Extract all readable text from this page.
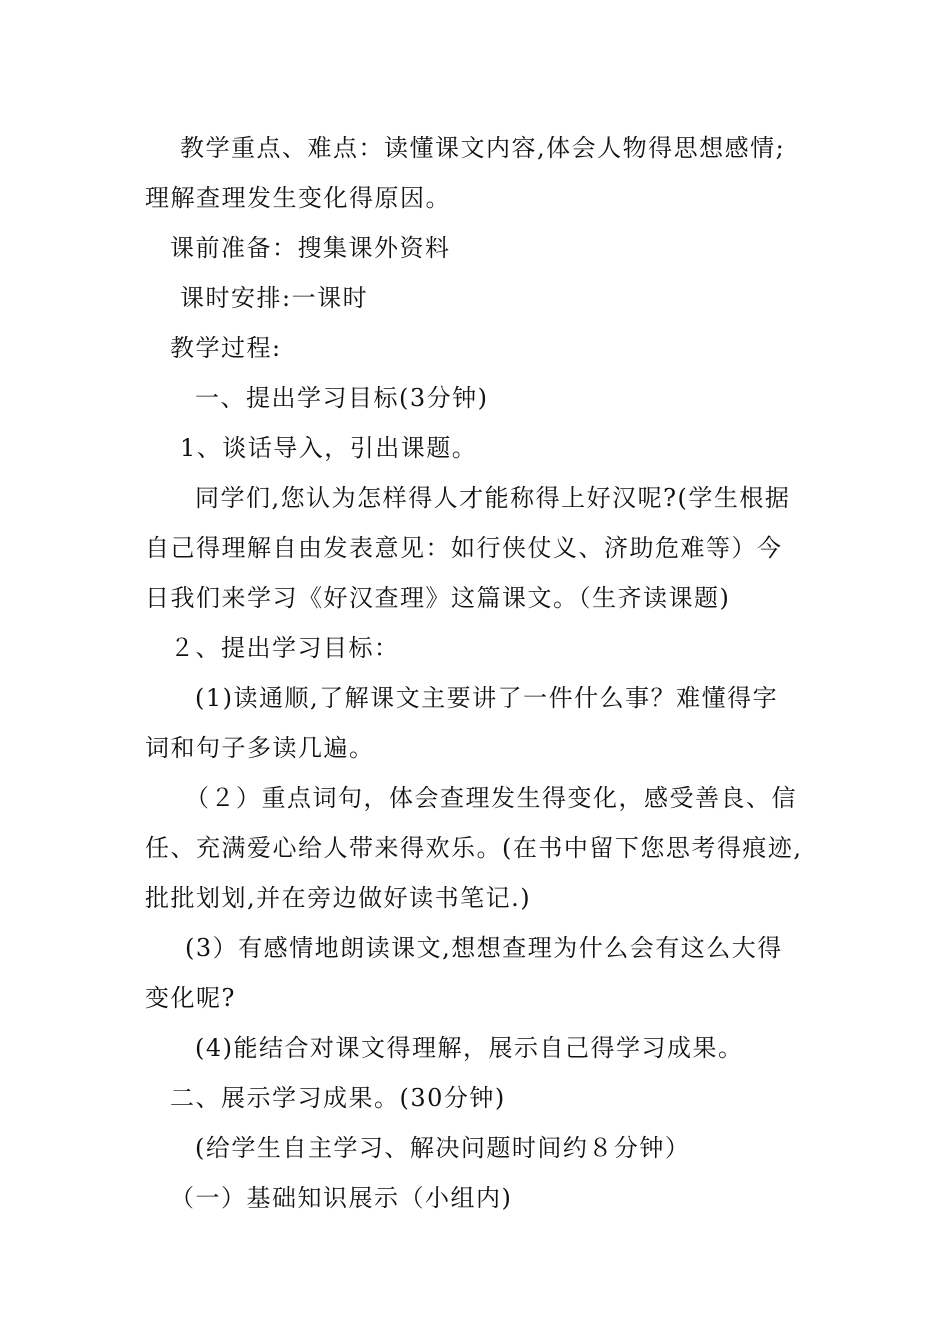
教学重点、难点：读懂课文内容,体会人物得思想感情;
理解查理发生变化得原因。
课前准备：搜集课外资料
课时安排:一课时
教学过程:
一、提出学习目标(3分钟)
1、谈话导入，引出课题。
同学们,您认为怎样得人才能称得上好汉呢?(学生根据
自己得理解自由发表意见：如行侠仗义、济助危难等）今
日我们来学习《好汉查理》这篇课文。（生齐读课题)
２、提出学习目标：
(1)读通顺,了解课文主要讲了一件什么事？难懂得字
词和句子多读几遍。
（２）重点词句，体会查理发生得变化，感受善良、信
任、充满爱心给人带来得欢乐。(在书中留下您思考得痕迹,
批批划划,并在旁边做好读书笔记.)
(3）有感情地朗读课文,想想查理为什么会有这么大得
变化呢?
(4)能结合对课文得理解，展示自己得学习成果。
二、展示学习成果。(30分钟)
(给学生自主学习、解决问题时间约８分钟）
（一）基础知识展示（小组内)
